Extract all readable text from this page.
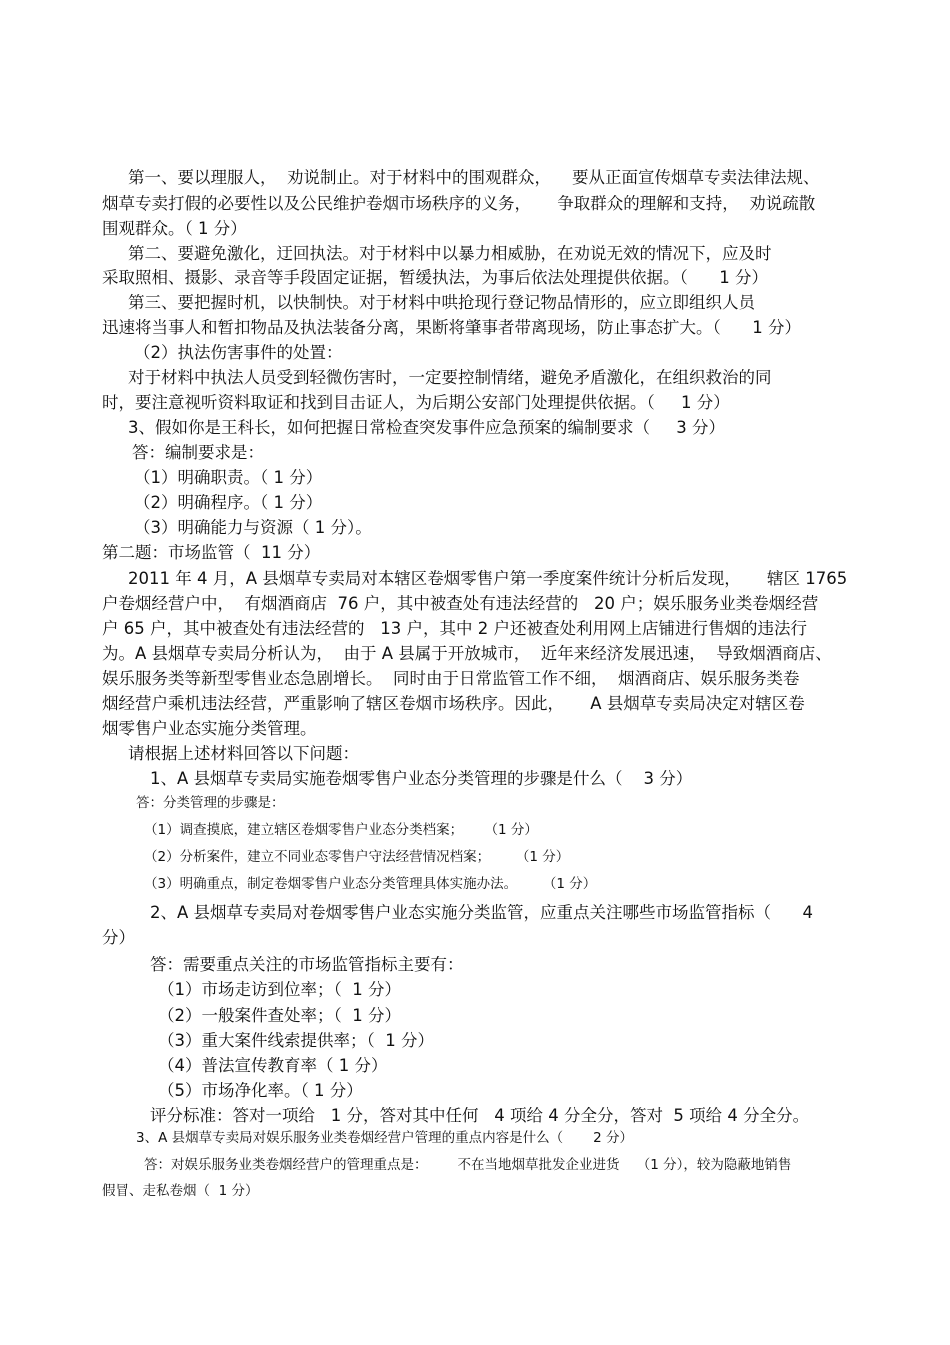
第一、要以理服人，  劝说制止。对于材料中的围观群众，    要从正面宣传烟草专卖法律法规、
烟草专卖打假的必要性以及公民维护卷烟市场秩序的义务，     争取群众的理解和支持，  劝说疏散
围观群众。（ 1 分）
第二、要避免激化，迂回执法。对于材料中以暴力相威胁，在劝说无效的情况下，应及时
采取照相、摄影、录音等手段固定证据，暂缓执法，为事后依法处理提供依据。（      1 分）
第三、要把握时机，以快制快。对于材料中哄抢现行登记物品情形的，应立即组织人员
迅速将当事人和暂扣物品及执法装备分离，果断将肇事者带离现场，防止事态扩大。（      1 分）
（2）执法伤害事件的处置：
对于材料中执法人员受到轻微伤害时，一定要控制情绪，避免矛盾激化，在组织救治的同
时，要注意视听资料取证和找到目击证人，为后期公安部门处理提供依据。（     1 分）
3、假如你是王科长，如何把握日常检查突发事件应急预案的编制要求（     3 分）
答：编制要求是：
（1）明确职责。（ 1 分）
（2）明确程序。（ 1 分）
（3）明确能力与资源（ 1 分）。
第二题：市场监管（  11 分）
2011 年 4 月，A 县烟草专卖局对本辖区卷烟零售户第一季度案件统计分析后发现，     辖区 1765
户卷烟经营户中，  有烟酒商店  76 户，其中被查处有违法经营的   20 户；娱乐服务业类卷烟经营
户 65 户，其中被查处有违法经营的   13 户，其中 2 户还被查处利用网上店铺进行售烟的违法行
为。A 县烟草专卖局分析认为，  由于 A 县属于开放城市，  近年来经济发展迅速，  导致烟酒商店、
娱乐服务类等新型零售业态急剧增长。  同时由于日常监管工作不细，  烟酒商店、娱乐服务类卷
烟经营户乘机违法经营，严重影响了辖区卷烟市场秩序。因此，     A 县烟草专卖局决定对辖区卷
烟零售户业态实施分类管理。
请根据上述材料回答以下问题：
1、A 县烟草专卖局实施卷烟零售户业态分类管理的步骤是什么（    3 分）
答：分类管理的步骤是：
（1）调查摸底，建立辖区卷烟零售户业态分类档案；     （1 分）
（2）分析案件，建立不同业态零售户守法经营情况档案；      （1 分）
（3）明确重点，制定卷烟零售户业态分类管理具体实施办法。      （1 分）
2、A 县烟草专卖局对卷烟零售户业态实施分类监管，应重点关注哪些市场监管指标（      4
分）
答：需要重点关注的市场监管指标主要有：
（1）市场走访到位率；（  1 分）
（2）一般案件查处率；（  1 分）
（3）重大案件线索提供率；（  1 分）
（4）普法宣传教育率（ 1 分）
（5）市场净化率。（ 1 分）
评分标准：答对一项给   1 分，答对其中任何   4 项给 4 分全分，答对  5 项给 4 分全分。
3、A 县烟草专卖局对娱乐服务业类卷烟经营户管理的重点内容是什么（       2 分）
答：对娱乐服务业类卷烟经营户的管理重点是：       不在当地烟草批发企业进货    （1 分），较为隐蔽地销售
假冒、走私卷烟（  1 分）
